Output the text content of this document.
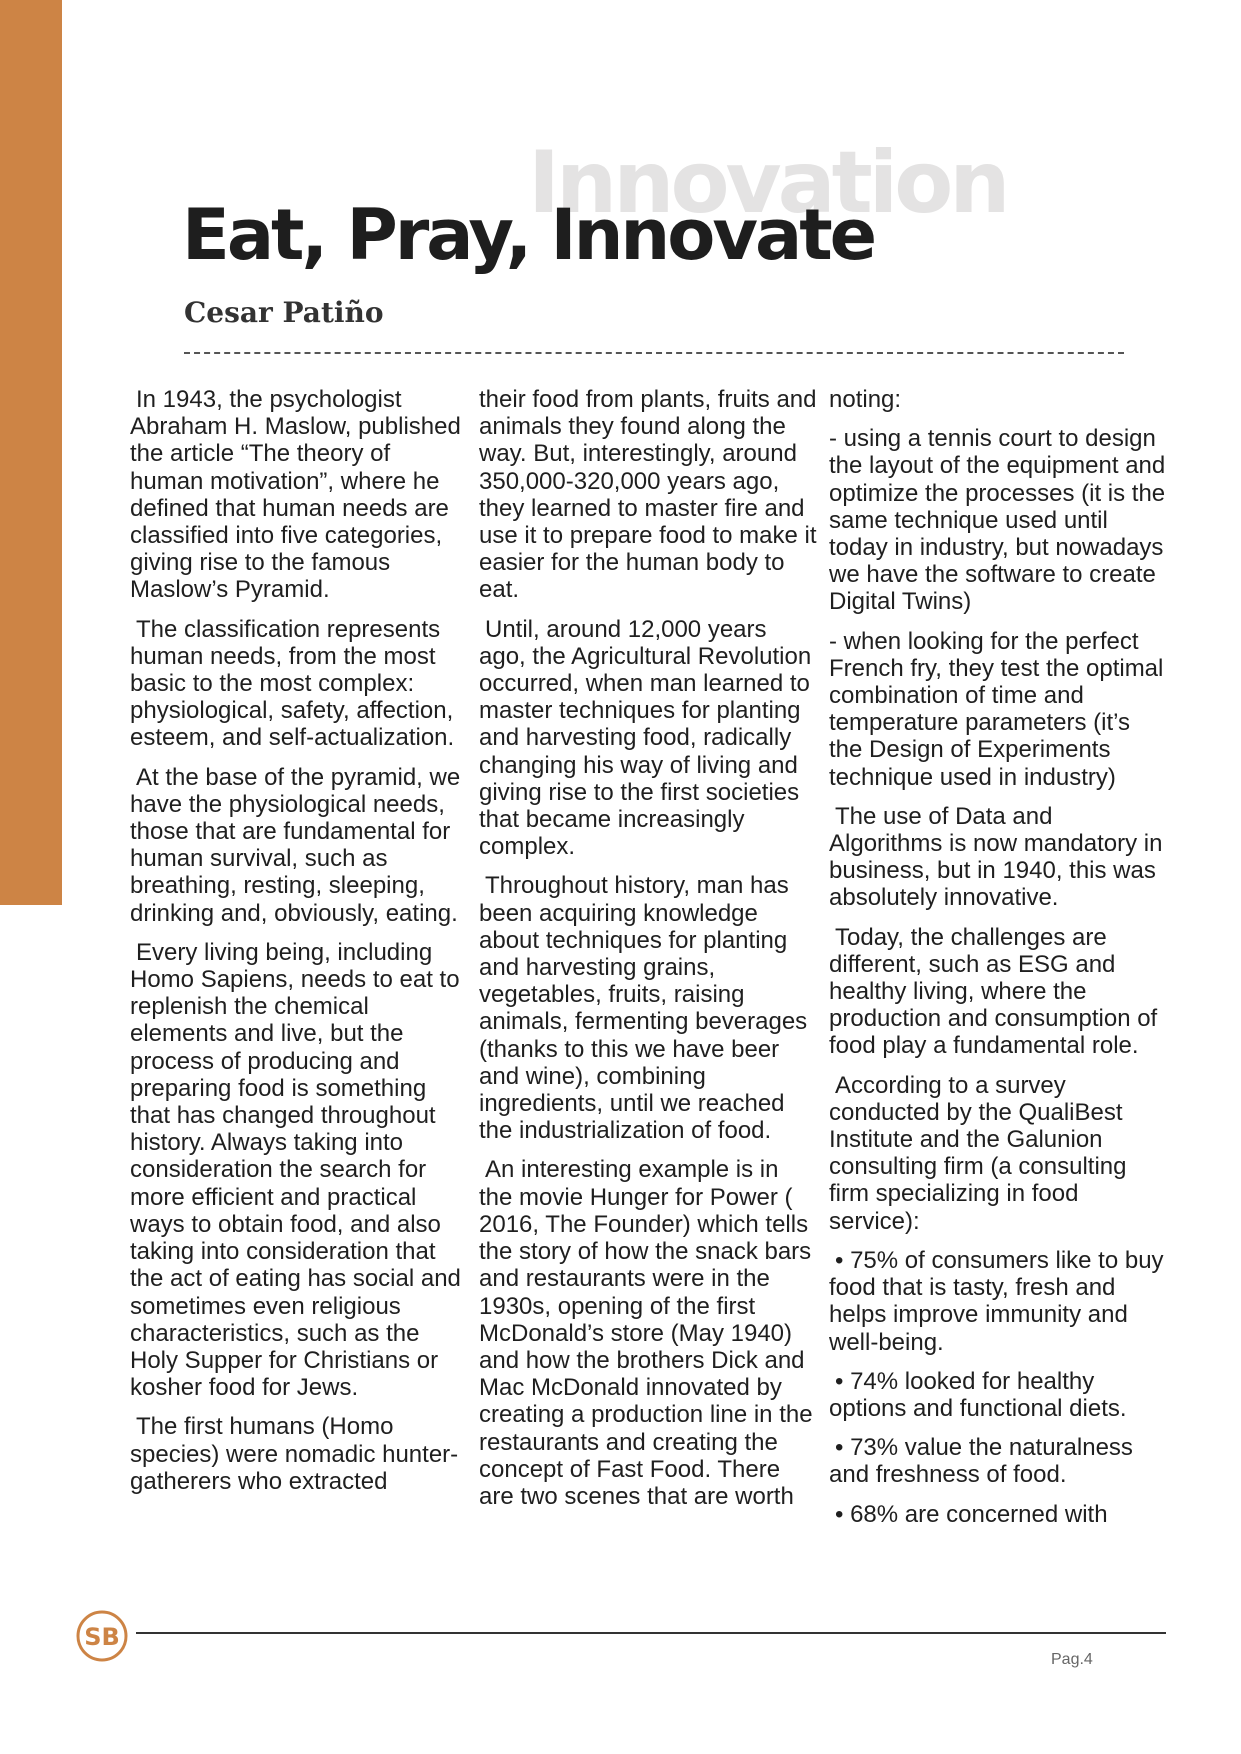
Innovation
Eat, Pray, Innovate
Cesar Patiño

In 1943, the psychologist Abraham H. Maslow, published the article “The theory of human motivation”, where he defined that human needs are classified into five categories, giving rise to the famous Maslow’s Pyramid.

The classification represents human needs, from the most basic to the most complex: physiological, safety, affection, esteem, and self-actualization.

At the base of the pyramid, we have the physiological needs, those that are fundamental for human survival, such as breathing, resting, sleeping, drinking and, obviously, eating.

Every living being, including Homo Sapiens, needs to eat to replenish the chemical elements and live, but the process of producing and preparing food is something that has changed throughout history. Always taking into consideration the search for more efficient and practical ways to obtain food, and also taking into consideration that the act of eating has social and sometimes even religious characteristics, such as the Holy Supper for Christians or kosher food for Jews.

The first humans (Homo species) were nomadic hunter-gatherers who extracted

their food from plants, fruits and animals they found along the way. But, interestingly, around 350,000-320,000 years ago, they learned to master fire and use it to prepare food to make it easier for the human body to eat.

Until, around 12,000 years ago, the Agricultural Revolution occurred, when man learned to master techniques for planting and harvesting food, radically changing his way of living and giving rise to the first societies that became increasingly complex.

Throughout history, man has been acquiring knowledge about techniques for planting and harvesting grains, vegetables, fruits, raising animals, fermenting beverages (thanks to this we have beer and wine), combining ingredients, until we reached the industrialization of food.

An interesting example is in the movie Hunger for Power ( 2016, The Founder) which tells the story of how the snack bars and restaurants were in the 1930s, opening of the first McDonald’s store (May 1940) and how the brothers Dick and Mac McDonald innovated by creating a production line in the restaurants and creating the concept of Fast Food. There are two scenes that are worth

noting:

- using a tennis court to design the layout of the equipment and optimize the processes (it is the same technique used until today in industry, but nowadays we have the software to create Digital Twins)

- when looking for the perfect French fry, they test the optimal combination of time and temperature parameters (it’s the Design of Experiments technique used in industry)

The use of Data and Algorithms is now mandatory in business, but in 1940, this was absolutely innovative.

Today, the challenges are different, such as ESG and healthy living, where the production and consumption of food play a fundamental role.

According to a survey conducted by the QualiBest Institute and the Galunion consulting firm (a consulting firm specializing in food service):

• 75% of consumers like to buy food that is tasty, fresh and helps improve immunity and well-being.

• 74% looked for healthy options and functional diets.

• 73% value the naturalness and freshness of food.

• 68% are concerned with

SB
Pag.4
